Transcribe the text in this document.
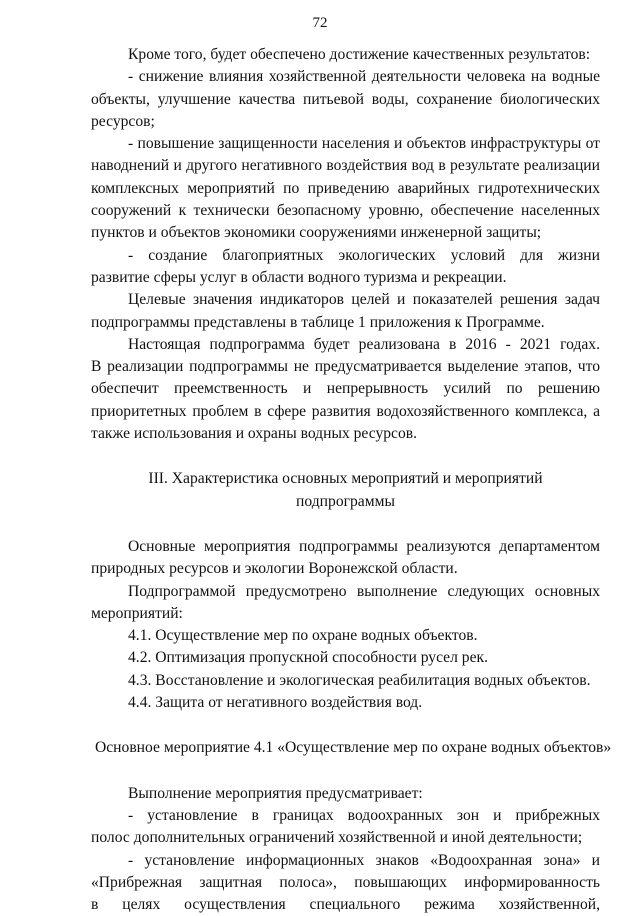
72
Кроме того, будет обеспечено достижение качественных результатов:
- снижение влияния хозяйственной деятельности человека на водные
объекты, улучшение качества питьевой воды, сохранение биологических
ресурсов;
- повышение защищенности населения и объектов инфраструктуры от
наводнений и другого негативного воздействия вод в результате реализации
комплексных мероприятий по приведению аварийных гидротехнических
сооружений к технически безопасному уровню, обеспечение населенных
пунктов и объектов экономики сооружениями инженерной защиты;
- создание благоприятных экологических условий для жизни
развитие сферы услуг в области водного туризма и рекреации.
Целевые значения индикаторов целей и показателей решения задач
подпрограммы представлены в таблице 1 приложения к Программе.
Настоящая подпрограмма будет реализована в 2016 - 2021 годах.
В реализации подпрограммы не предусматривается выделение этапов, что
обеспечит преемственность и непрерывность усилий по решению
приоритетных проблем в сфере развития водохозяйственного комплекса, а
также использования и охраны водных ресурсов.
III. Характеристика основных мероприятий и мероприятий
подпрограммы
Основные мероприятия подпрограммы реализуются департаментом
природных ресурсов и экологии Воронежской области.
Подпрограммой предусмотрено выполнение следующих основных
мероприятий:
4.1. Осуществление мер по охране водных объектов.
4.2. Оптимизация пропускной способности русел рек.
4.3. Восстановление и экологическая реабилитация водных объектов.
4.4. Защита от негативного воздействия вод.
Основное мероприятие 4.1 «Осуществление мер по охране водных объектов»
Выполнение мероприятия предусматривает:
- установление в границах водоохранных зон и прибрежных
полос дополнительных ограничений хозяйственной и иной деятельности;
- установление информационных знаков «Водоохранная зона» и
«Прибрежная защитная полоса», повышающих информированность
в целях осуществления специального режима хозяйственной,
